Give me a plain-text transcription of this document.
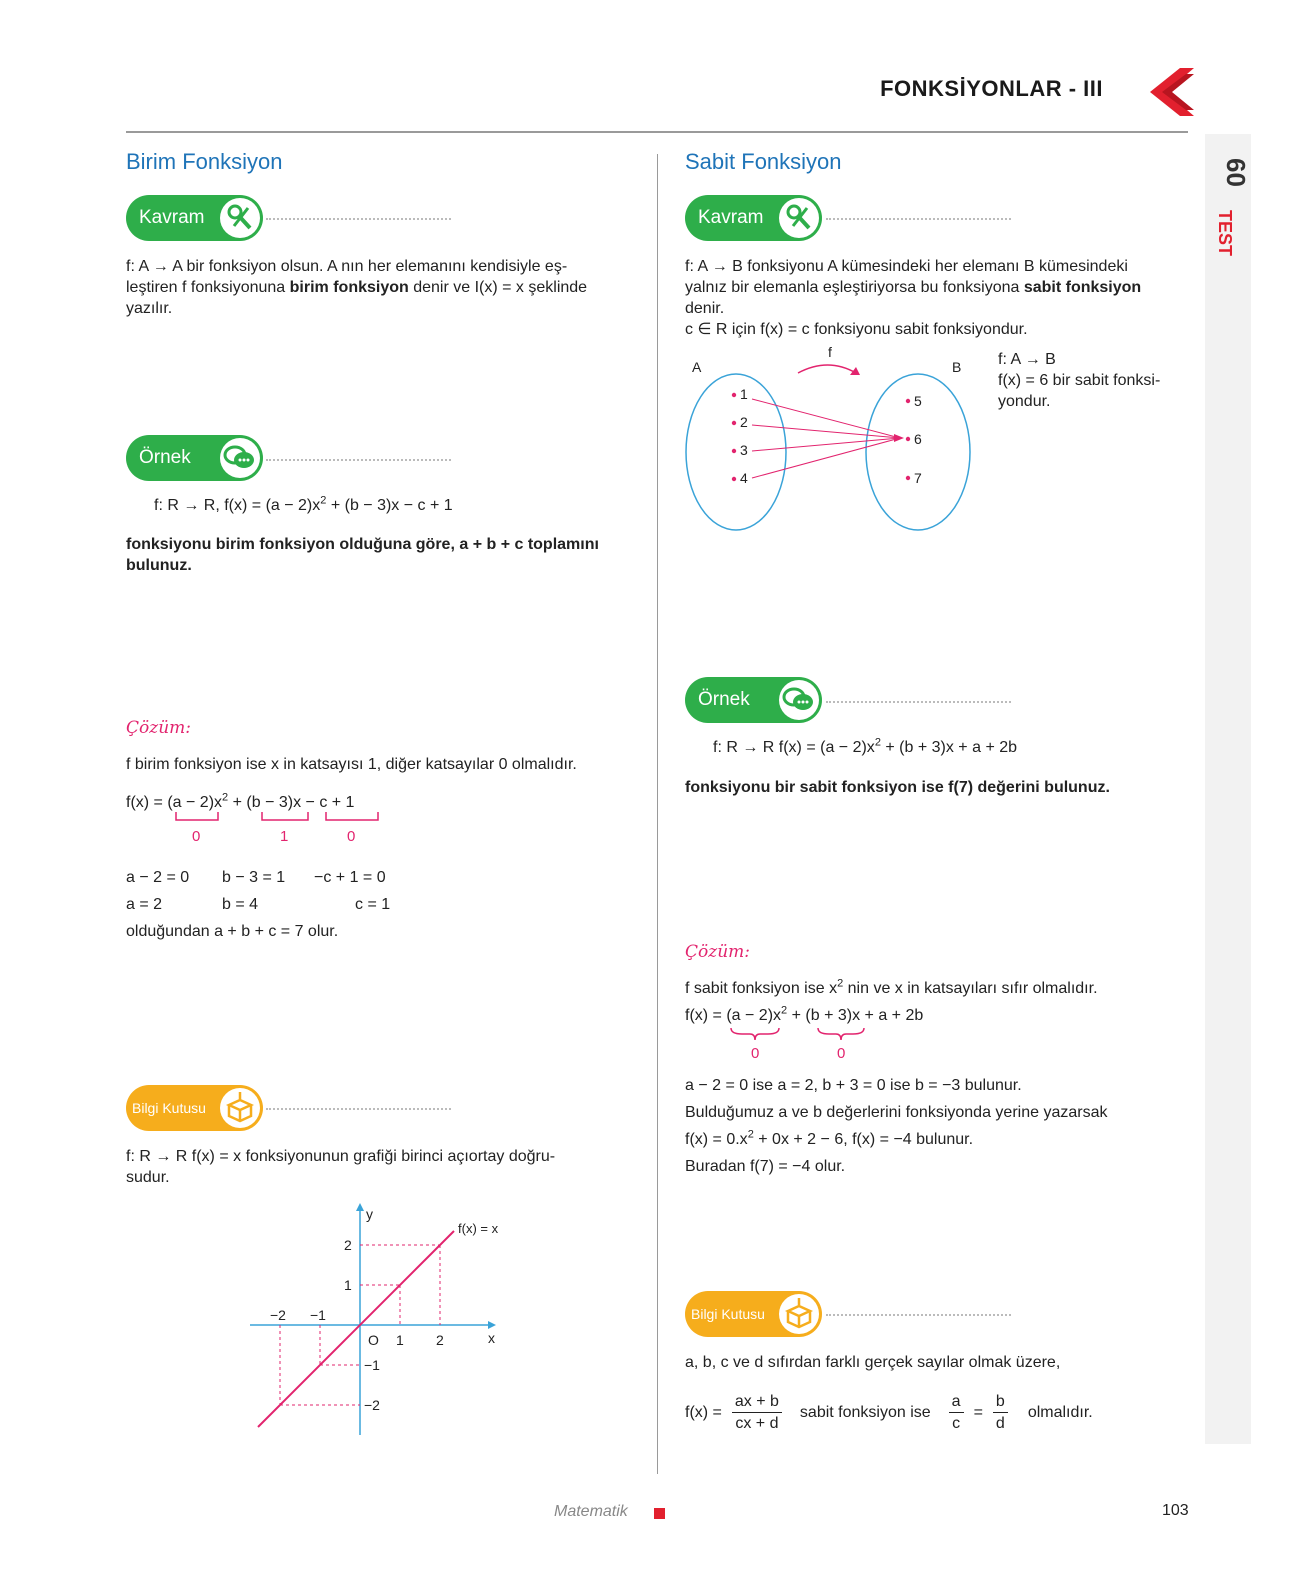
FONKSİYONLAR - III
60
TEST
Birim Fonksiyon
Kavram
f: A → A bir fonksiyon olsun. A nın her elemanını kendisiyle eş-
leştiren f fonksiyonuna birim fonksiyon denir ve I(x) = x şeklinde
yazılır.
Örnek
f: R → R, $f(x) = (a - 2)x^2 + (b - 3)x - c + 1$
fonksiyonu birim fonksiyon olduğuna göre, a + b + c toplamını
bulunuz.
Çözüm:
f birim fonksiyon ise x in katsayısı 1, diğer katsayılar 0 olmalıdır.
$f(x) = (a - 2)x^2 + (b - 3)x - c + 1$
0	1	0
a − 2 = 0 b − 3 = 1 −c + 1 = 0
a = 2	b = 4	c = 1
olduğundan a + b + c = 7 olur.
Bilgi Kutusu
f: R → R f(x) = x fonksiyonunun grafiği birinci açıortay doğru-
sudur.
y
x
O
f(x) = x
1 2
−2 −1
2
1
−1
−2
Sabit Fonksiyon
Kavram
f: A → B fonksiyonu A kümesindeki her elemanı B kümesindeki
yalnız bir elemanla eşleştiriyorsa bu fonksiyona sabit fonksiyon
denir.
c ∈ R için f(x) = c fonksiyonu sabit fonksiyondur.
A	B
f
1
2
3
4
5
6
7
f: A → B
f(x) = 6 bir sabit fonksi-
yondur.
Örnek
f: R → R $f(x) = (a - 2)x^2 + (b + 3)x + a + 2b$
fonksiyonu bir sabit fonksiyon ise f(7) değerini bulunuz.
Çözüm:
f sabit fonksiyon ise $x^2$ nin ve x in katsayıları sıfır olmalıdır.
$f(x) = (a - 2)x^2 + (b + 3)x + a + 2b$
0	0
a − 2 = 0 ise a = 2, b + 3 = 0 ise b = −3 bulunur.
Bulduğumuz a ve b değerlerini fonksiyonda yerine yazarsak
$f(x) = 0.x^2 + 0x + 2 - 6$, f(x) = −4 bulunur.
Buradan f(7) = −4 olur.
Bilgi Kutusu
a, b, c ve d sıfırdan farklı gerçek sayılar olmak üzere,
$f(x) = \frac{ax + b}{cx + d}$ sabit fonksiyon ise $\frac{a}{c} = \frac{b}{d}$ olmalıdır.
Matematik	103
